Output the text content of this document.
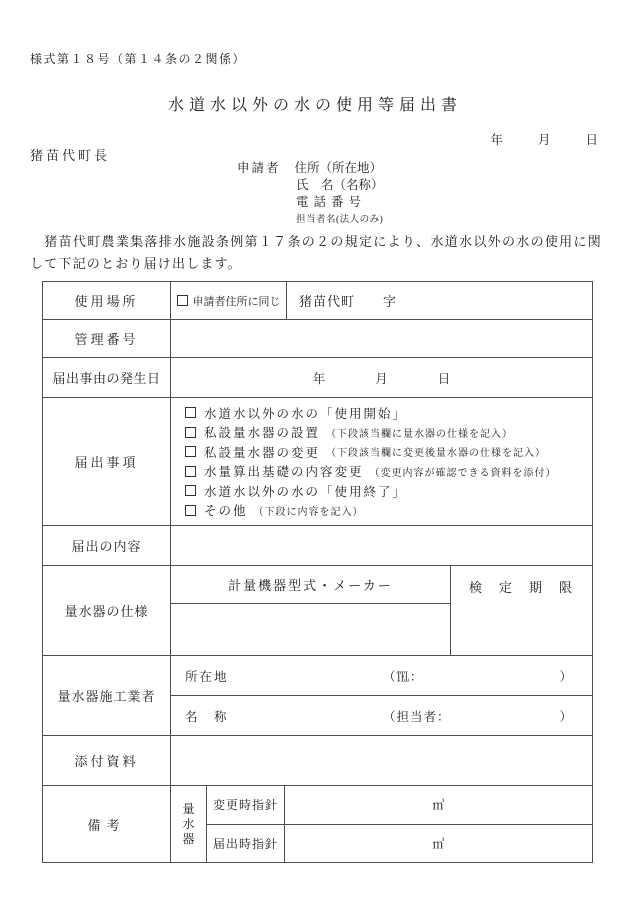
様式第１８号（第１４条の２関係）
水道水以外の水の使用等届出書
年	月	日
猪苗代町長
申請者 住所（所在地）
氏　名（名称）
電話番号
担当者名(法人のみ)
　猪苗代町農業集落排水施設条例第１７条の２の規定により、水道水以外の水の使用に関して下記のとおり届け出します。
使用場所	申請者住所に同じ	猪苗代町　　字
管理番号
届出事由の発生日	年	月	日
届出事項
水道水以外の水の「使用開始」
私設量水器の設置 （下段該当欄に量水器の仕様を記入）
私設量水器の変更 （下段該当欄に変更後量水器の仕様を記入）
水量算出基礎の内容変更 （変更内容が確認できる資料を添付）
水道水以外の水の「使用終了」
その他 （下段に内容を記入）
届出の内容
量水器の仕様
計量機器型式・メーカー	検　定　期　限
量水器施工業者
所在地	（℡：	）
名　称	（担当者：	）
添付資料
備考
量
水
器
変更時指針	㎥
届出時指針	㎥
